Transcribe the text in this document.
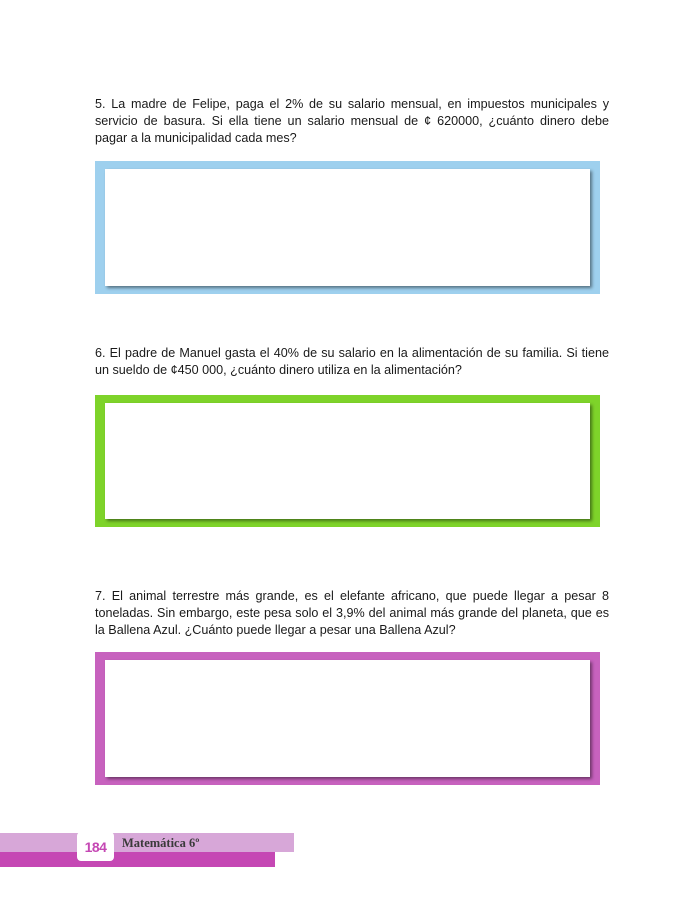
5. La madre de Felipe, paga el 2% de su salario mensual, en impuestos municipales y servicio de basura. Si ella tiene un salario mensual de ¢ 620000, ¿cuánto dinero debe pagar a la municipalidad cada mes?

6. El padre de Manuel gasta el 40% de su salario en la alimentación de su familia. Si tiene un sueldo de ¢450 000, ¿cuánto dinero utiliza en la alimentación?

7. El animal terrestre más grande, es el elefante africano, que puede llegar a pesar 8 toneladas. Sin embargo, este pesa solo el 3,9% del animal más grande del planeta, que es la Ballena Azul. ¿Cuánto puede llegar a pesar una Ballena Azul?

184 Matemática 6º
